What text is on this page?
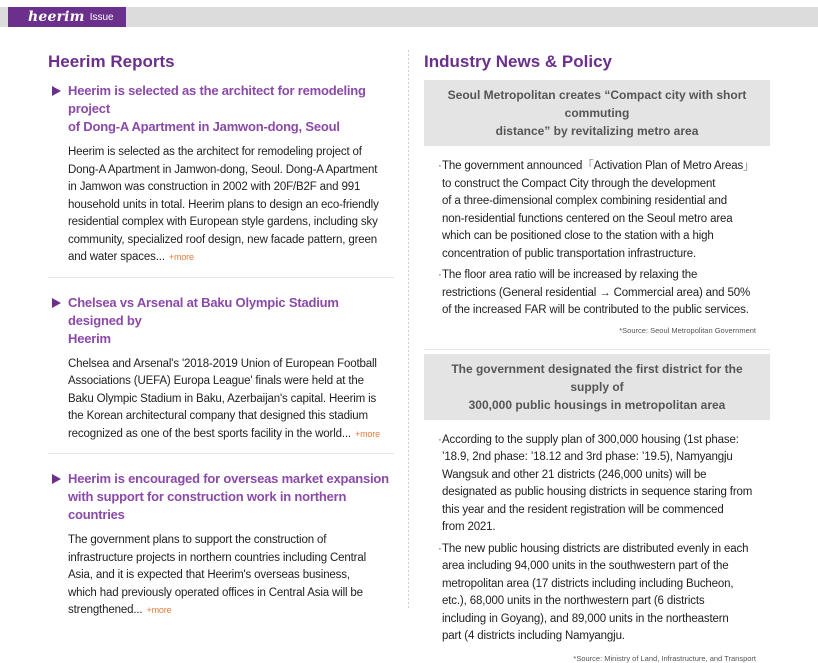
heerim Issue
Heerim Reports
Heerim is selected as the architect for remodeling project
of Dong-A Apartment in Jamwon-dong, Seoul
Heerim is selected as the architect for remodeling project of
Dong-A Apartment in Jamwon-dong, Seoul. Dong-A Apartment
in Jamwon was construction in 2002 with 20F/B2F and 991
household units in total. Heerim plans to design an eco-friendly
residential complex with European style gardens, including sky
community, specialized roof design, new facade pattern, green
and water spaces... +more
Chelsea vs Arsenal at Baku Olympic Stadium designed by
Heerim
Chelsea and Arsenal's '2018-2019 Union of European Football
Associations (UEFA) Europa League' finals were held at the
Baku Olympic Stadium in Baku, Azerbaijan's capital. Heerim is
the Korean architectural company that designed this stadium
recognized as one of the best sports facility in the world... +more
Heerim is encouraged for overseas market expansion
with support for construction work in northern countries
The government plans to support the construction of
infrastructure projects in northern countries including Central
Asia, and it is expected that Heerim's overseas business,
which had previously operated offices in Central Asia will be
strengthened... +more
Industry News & Policy
Seoul Metropolitan creates “Compact city with short commuting
distance” by revitalizing metro area
· The government announced「Activation Plan of Metro Areas」
to construct the Compact City through the development
of a three-dimensional complex combining residential and
non-residential functions centered on the Seoul metro area
which can be positioned close to the station with a high
concentration of public transportation infrastructure.
· The floor area ratio will be increased by relaxing the
restrictions (General residential → Commercial area) and 50%
of the increased FAR will be contributed to the public services.
*Source: Seoul Metropolitan Government
The government designated the first district for the supply of
300,000 public housings in metropolitan area
· According to the supply plan of 300,000 housing (1st phase:
’18.9, 2nd phase: ’18.12 and 3rd phase: ’19.5), Namyangju
Wangsuk and other 21 districts (246,000 units) will be
designated as public housing districts in sequence staring from
this year and the resident registration will be commenced
from 2021.
· The new public housing districts are distributed evenly in each
area including 94,000 units in the southwestern part of the
metropolitan area (17 districts including including Bucheon,
etc.), 68,000 units in the northwestern part (6 districts
including in Goyang), and 89,000 units in the northeastern
part (4 districts including Namyangju.
*Source: Ministry of Land, Infrastructure, and Transport
